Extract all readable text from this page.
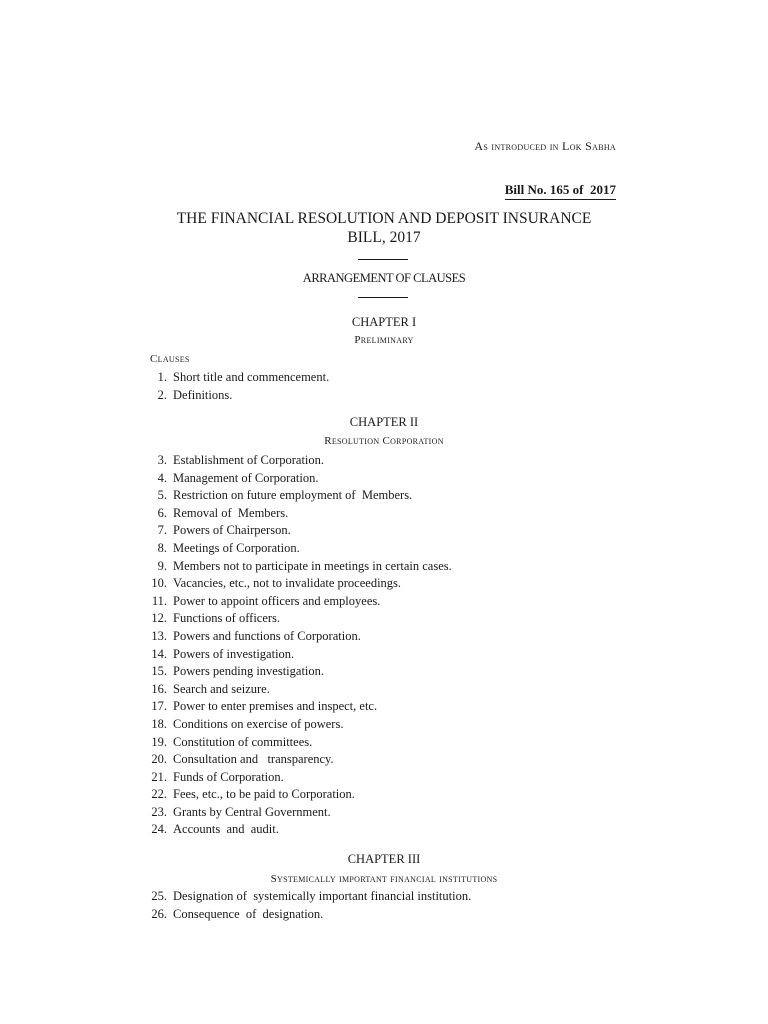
As introduced in Lok Sabha
Bill No. 165 of  2017
THE FINANCIAL RESOLUTION AND DEPOSIT INSURANCE
BILL, 2017
ARRANGEMENT OF CLAUSES
CHAPTER I
Preliminary
Clauses
1. Short title and commencement.
2. Definitions.
CHAPTER II
Resolution Corporation
3. Establishment of Corporation.
4. Management of Corporation.
5. Restriction on future employment of  Members.
6. Removal of  Members.
7. Powers of Chairperson.
8. Meetings of Corporation.
9. Members not to participate in meetings in certain cases.
10. Vacancies, etc., not to invalidate proceedings.
11. Power to appoint officers and employees.
12. Functions of officers.
13. Powers and functions of Corporation.
14. Powers of investigation.
15. Powers pending investigation.
16. Search and seizure.
17. Power to enter premises and inspect, etc.
18. Conditions on exercise of powers.
19. Constitution of committees.
20. Consultation and   transparency.
21. Funds of Corporation.
22. Fees, etc., to be paid to Corporation.
23. Grants by Central Government.
24. Accounts  and  audit.
CHAPTER III
Systemically important financial institutions
25. Designation of  systemically important financial institution.
26. Consequence  of  designation.
